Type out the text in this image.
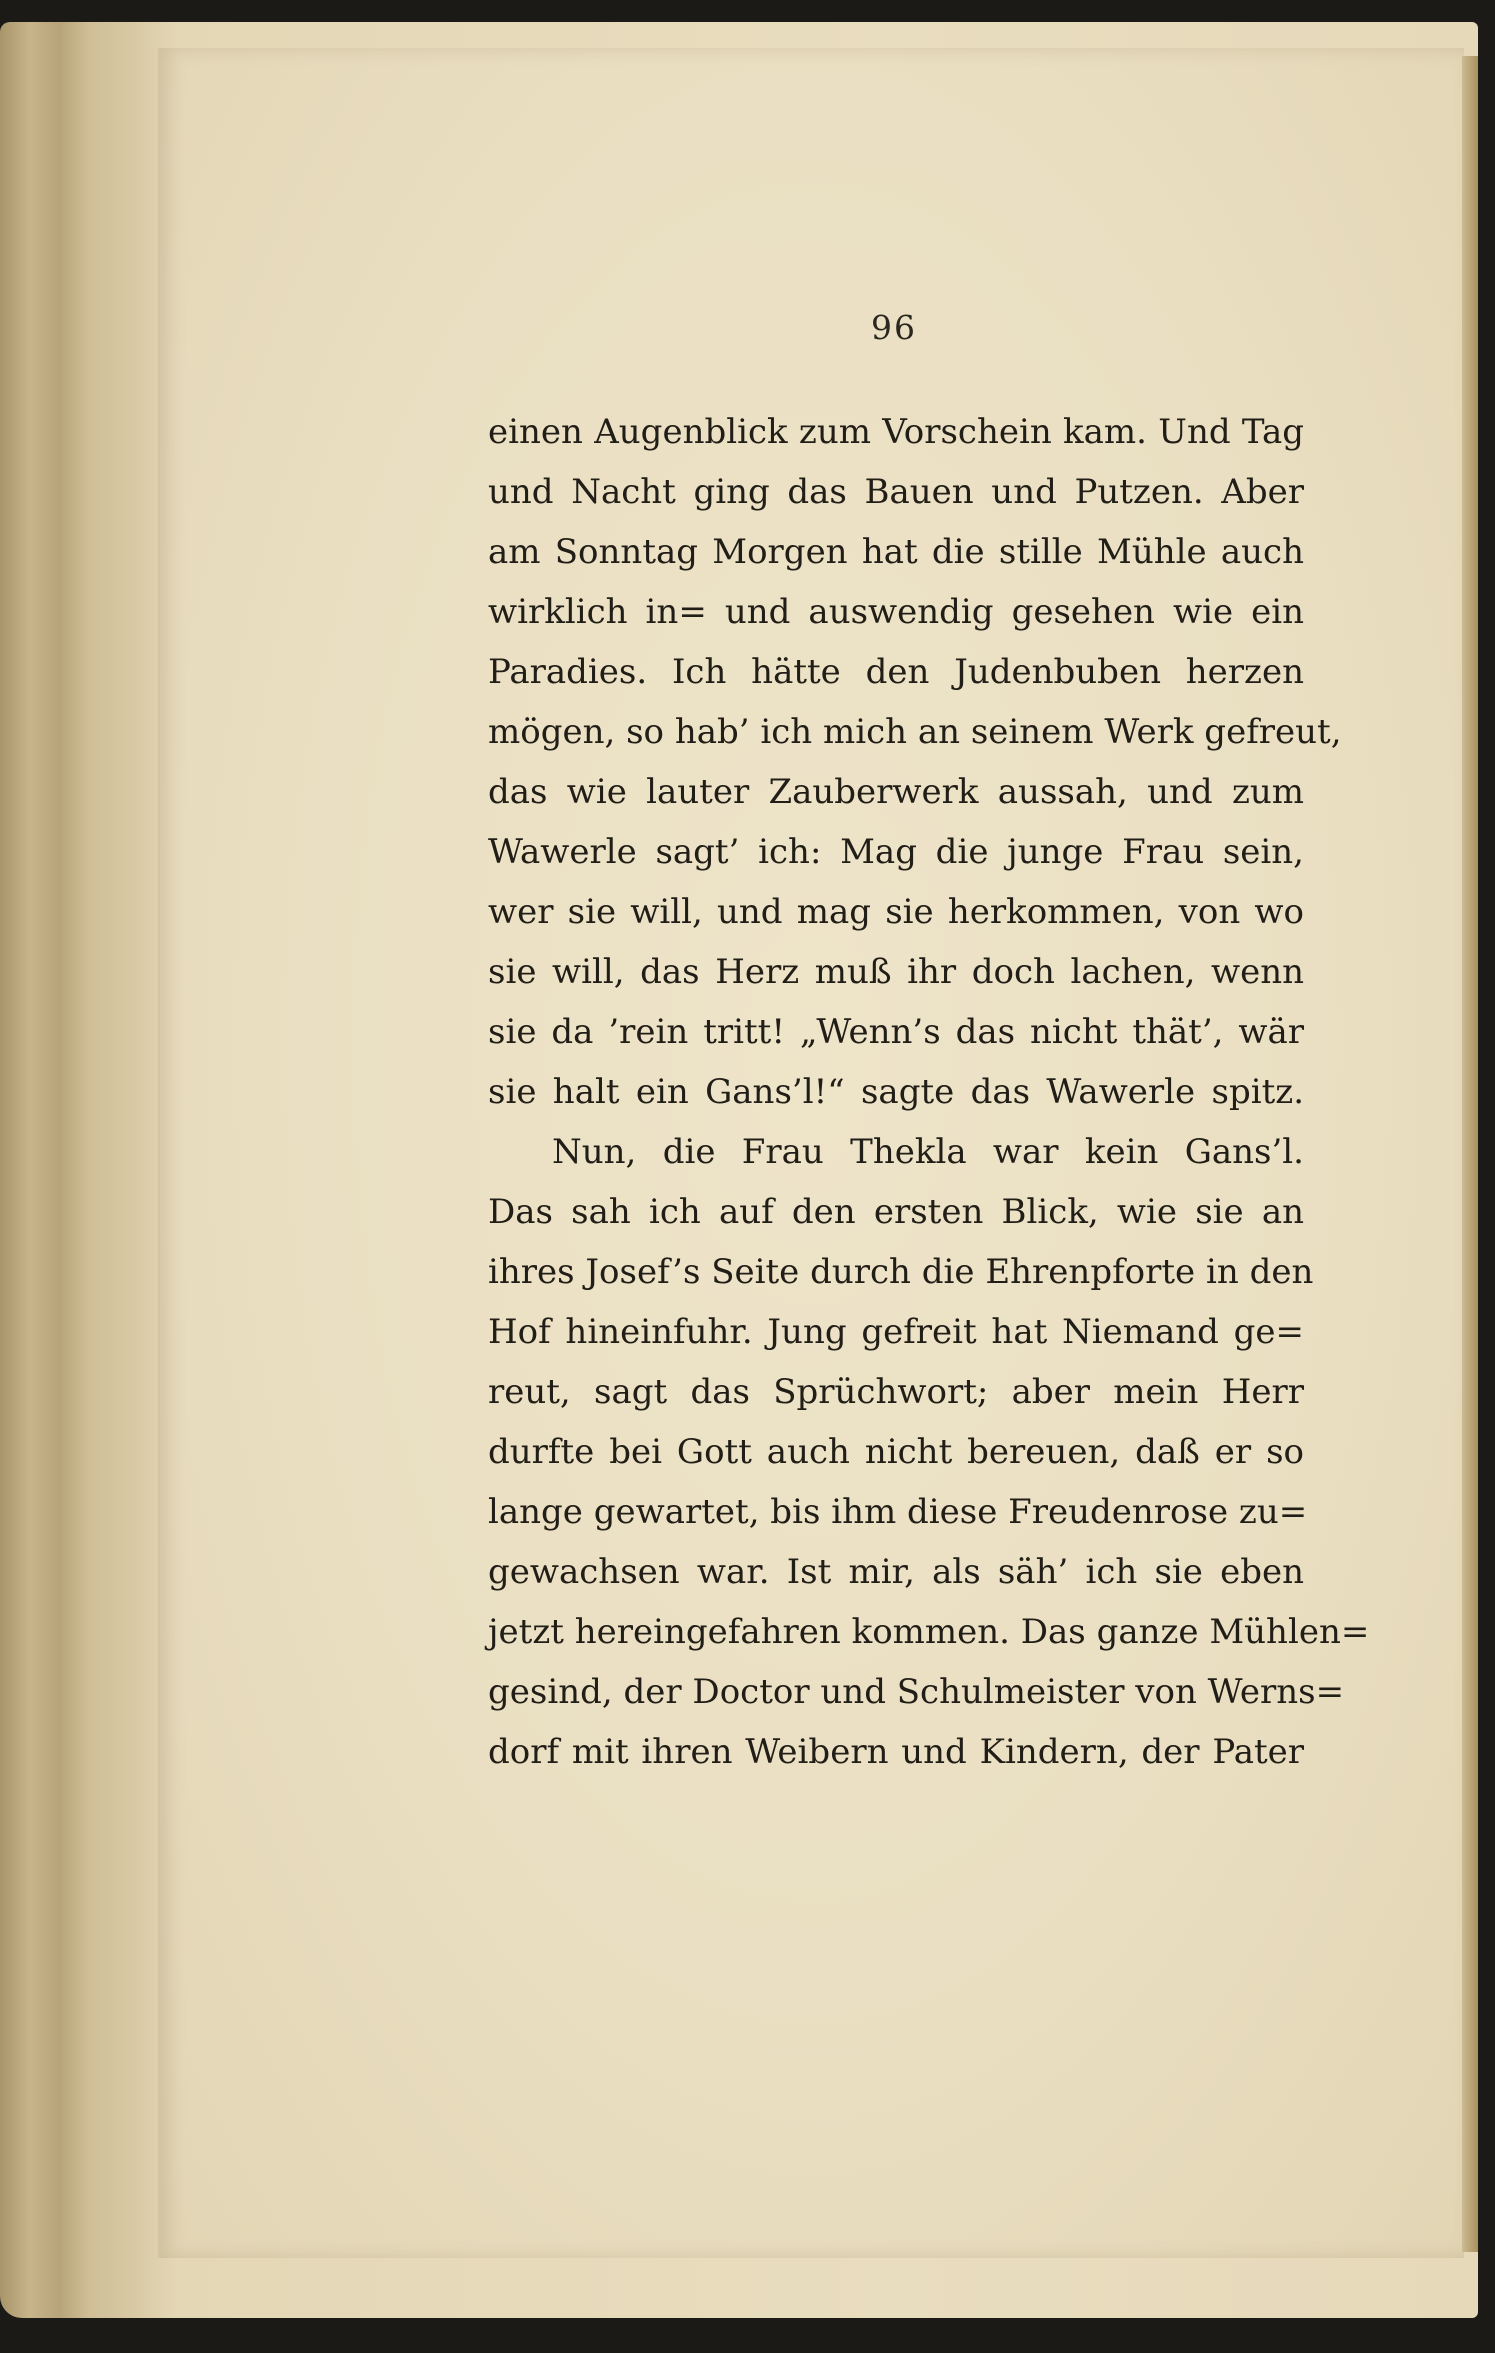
96
einen Augenblick zum Vorschein kam. Und Tag
und Nacht ging das Bauen und Putzen. Aber
am Sonntag Morgen hat die stille Mühle auch
wirklich in= und auswendig gesehen wie ein
Paradies. Ich hätte den Judenbuben herzen
mögen, so hab’ ich mich an seinem Werk gefreut,
das wie lauter Zauberwerk aussah, und zum
Wawerle sagt’ ich: Mag die junge Frau sein,
wer sie will, und mag sie herkommen, von wo
sie will, das Herz muß ihr doch lachen, wenn
sie da ’rein tritt! „Wenn’s das nicht thät’, wär
sie halt ein Gans’l!“ sagte das Wawerle spitz.
Nun, die Frau Thekla war kein Gans’l.
Das sah ich auf den ersten Blick, wie sie an
ihres Josef’s Seite durch die Ehrenpforte in den
Hof hineinfuhr. Jung gefreit hat Niemand ge=
reut, sagt das Sprüchwort; aber mein Herr
durfte bei Gott auch nicht bereuen, daß er so
lange gewartet, bis ihm diese Freudenrose zu=
gewachsen war. Ist mir, als säh’ ich sie eben
jetzt hereingefahren kommen. Das ganze Mühlen=
gesind, der Doctor und Schulmeister von Werns=
dorf mit ihren Weibern und Kindern, der Pater
